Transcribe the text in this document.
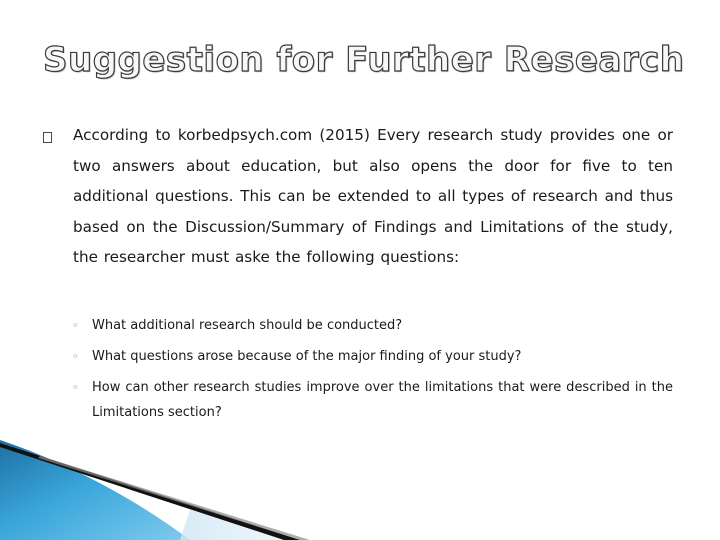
Suggestion for Further Research

According to korbedpsych.com (2015) Every research study provides one or two answers about education, but also opens the door for five to ten additional questions. This can be extended to all types of research and thus based on the Discussion/Summary of Findings and Limitations of the study, the researcher must aske the following questions:

◦ What additional research should be conducted?
◦ What questions arose because of the major finding of your study?
◦ How can other research studies improve over the limitations that were described in the Limitations section?
